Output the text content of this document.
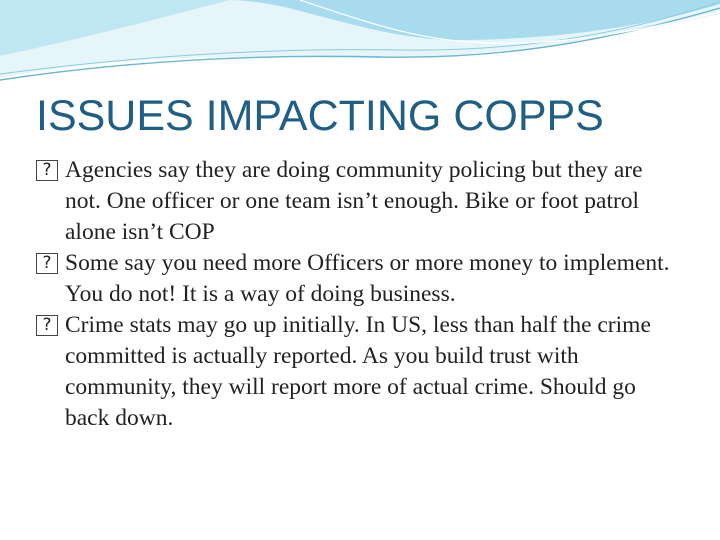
ISSUES IMPACTING COPPS
? Agencies say they are doing community policing but they are not. One officer or one team isn’t enough. Bike or foot patrol alone isn’t COP
? Some say you need more Officers or more money to implement. You do not! It is a way of doing business.
? Crime stats may go up initially. In US, less than half the crime committed is actually reported. As you build trust with community, they will report more of actual crime. Should go back down.
